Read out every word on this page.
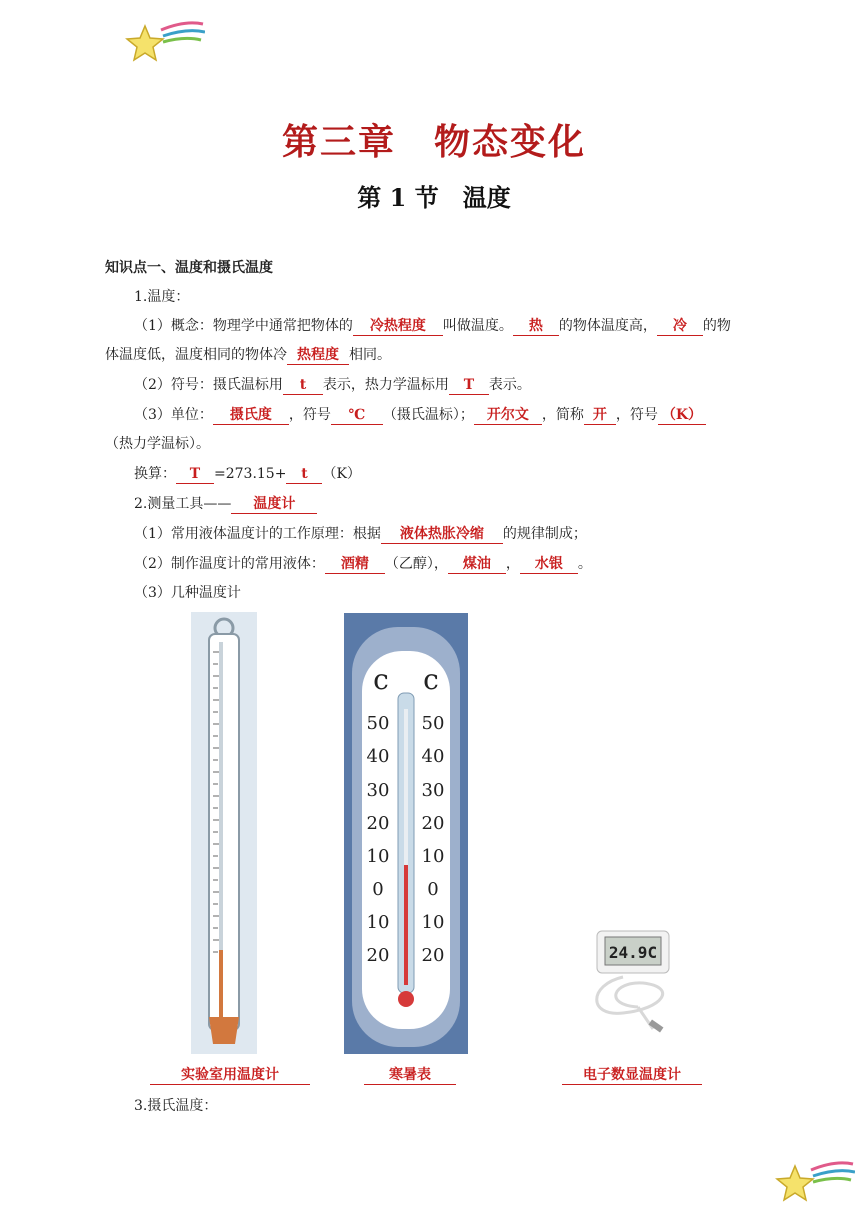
第三章　物态变化
第 1 节　温度
知识点一、温度和摄氏温度
1.温度：
（1）概念：物理学中通常把物体的 冷热程度 叫做温度。 热 的物体温度高， 冷 的物
体温度低，温度相同的物体冷 热程度 相同。
（2）符号：摄氏温标用 t 表示，热力学温标用 T 表示。
（3）单位： 摄氏度 ，符号 ℃ （摄氏温标）； 开尔文 ，简称 开 ，符号 （K）
（热力学温标）。
换算： T =273.15+ t （K）
2.测量工具—— 温度计
（1）常用液体温度计的工作原理：根据 液体热胀冷缩 的规律制成；
（2）制作温度计的常用液体： 酒精 （乙醇）， 煤油 ， 水银 。
（3）几种温度计
c c
50 50
40 40
30 30
20 20
10 10
0 0
10 10
20 20	24.9C
实验室用温度计	寒暑表	电子数显温度计
3.摄氏温度：
